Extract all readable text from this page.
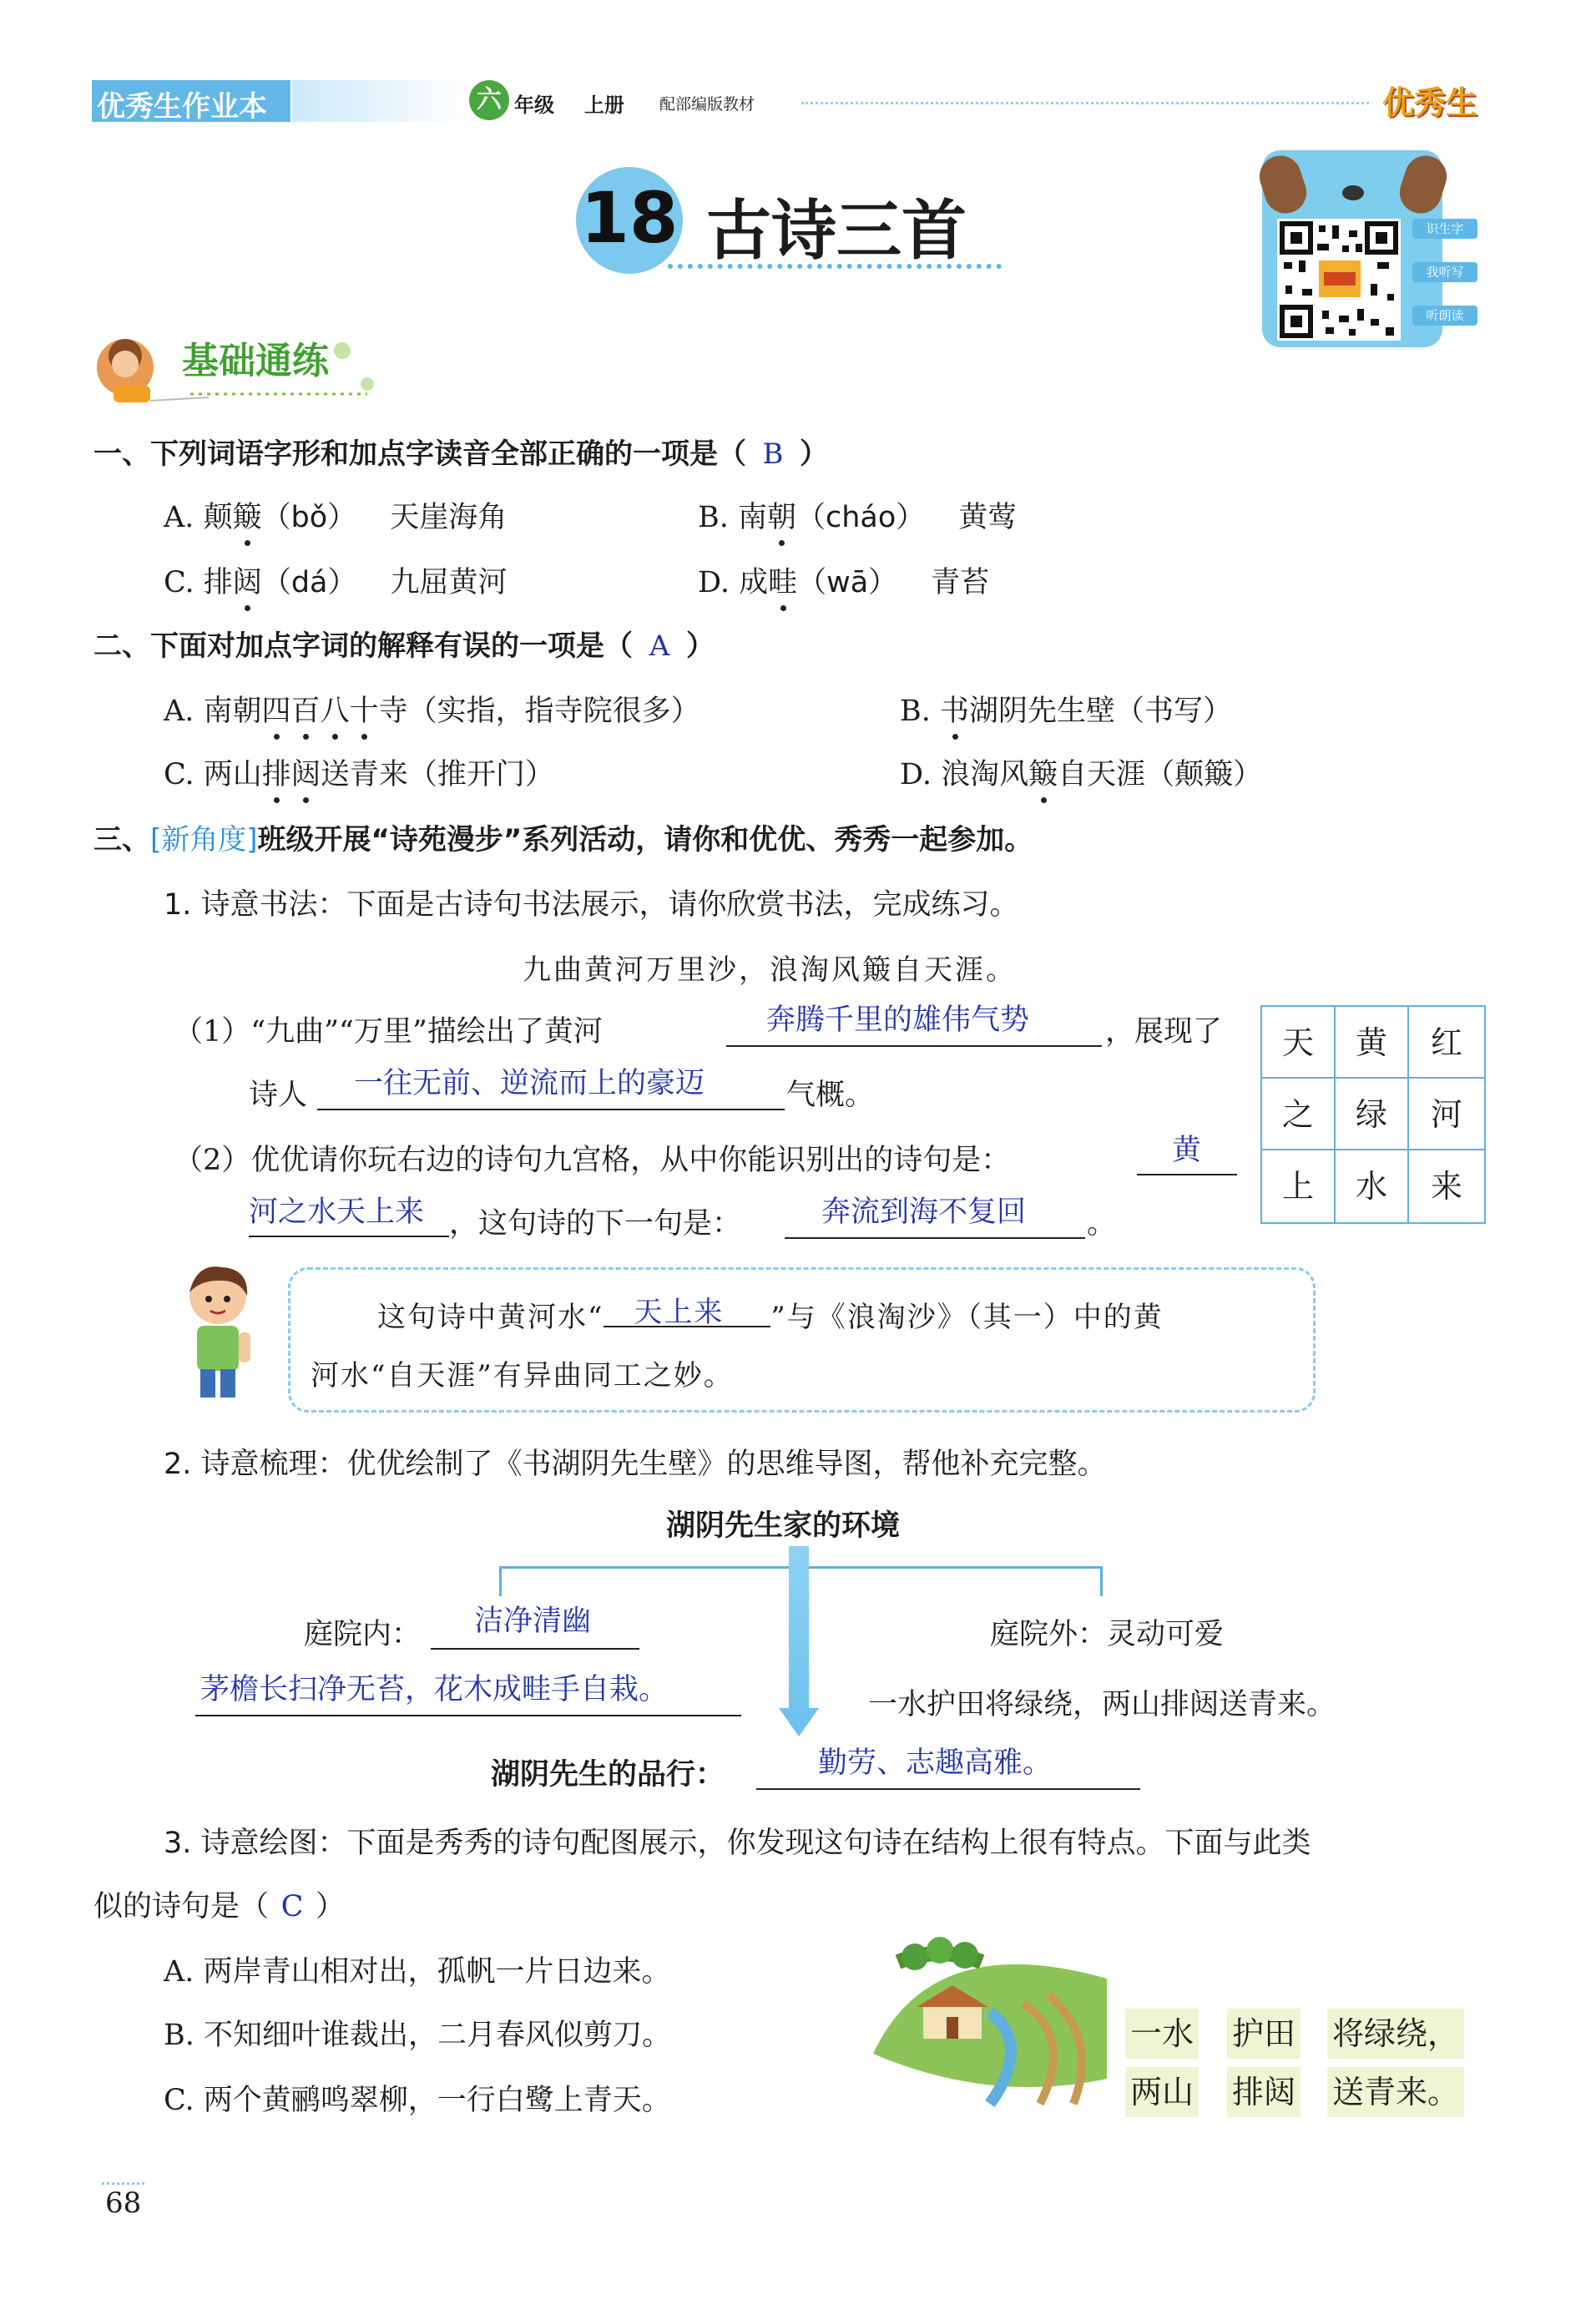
优秀生作业本	六 年级 上册 配部编版教材	优秀生
18 古诗三首	识生字
我听写
听朗读
基础通练
一、下列词语字形和加点字读音全部正确的一项是（ B ）
A. 颠簸（bǒ） 天崖海角	B. 南朝（cháo） 黄莺
C. 排闼（dá） 九屈黄河	D. 成畦（wā） 青苔
二、下面对加点字词的解释有误的一项是（ A ）
A. 南朝四百八十寺（实指，指寺院很多）	B. 书湖阴先生壁（书写）
C. 两山排闼送青来（推开门）	D. 浪淘风簸自天涯（颠簸）
三、[新角度]班级开展“诗苑漫步”系列活动，请你和优优、秀秀一起参加。
1. 诗意书法：下面是古诗句书法展示，请你欣赏书法，完成练习。
九曲黄河万里沙，浪淘风簸自天涯。
（1）“九曲”“万里”描绘出了黄河	奔腾千里的雄伟气势	，展现了
诗人 一往无前、逆流而上的豪迈	气概。
（2）优优请你玩右边的诗句九宫格，从中你能识别出的诗句是：	黄
河之水天上来 ，这句诗的下一句是：	奔流到海不复回 。
天	黄	红
之	绿	河
上	水	来
这句诗中黄河水“ 天上来 ”与《浪淘沙》（其一）中的黄
河水“自天涯”有异曲同工之妙。
2. 诗意梳理：优优绘制了《书湖阴先生壁》的思维导图，帮他补充完整。
湖阴先生家的环境
庭院内： 洁净清幽
茅檐长扫净无苔，花木成畦手自栽。
庭院外：灵动可爱
一水护田将绿绕，两山排闼送青来。
湖阴先生的品行：	勤劳、志趣高雅。
3. 诗意绘图：下面是秀秀的诗句配图展示，你发现这句诗在结构上很有特点。下面与此类
似的诗句是（ C ）
A. 两岸青山相对出，孤帆一片日边来。
B. 不知细叶谁裁出，二月春风似剪刀。
C. 两个黄鹂鸣翠柳，一行白鹭上青天。
一水 护田 将绿绕，
两山 排闼 送青来。
68
